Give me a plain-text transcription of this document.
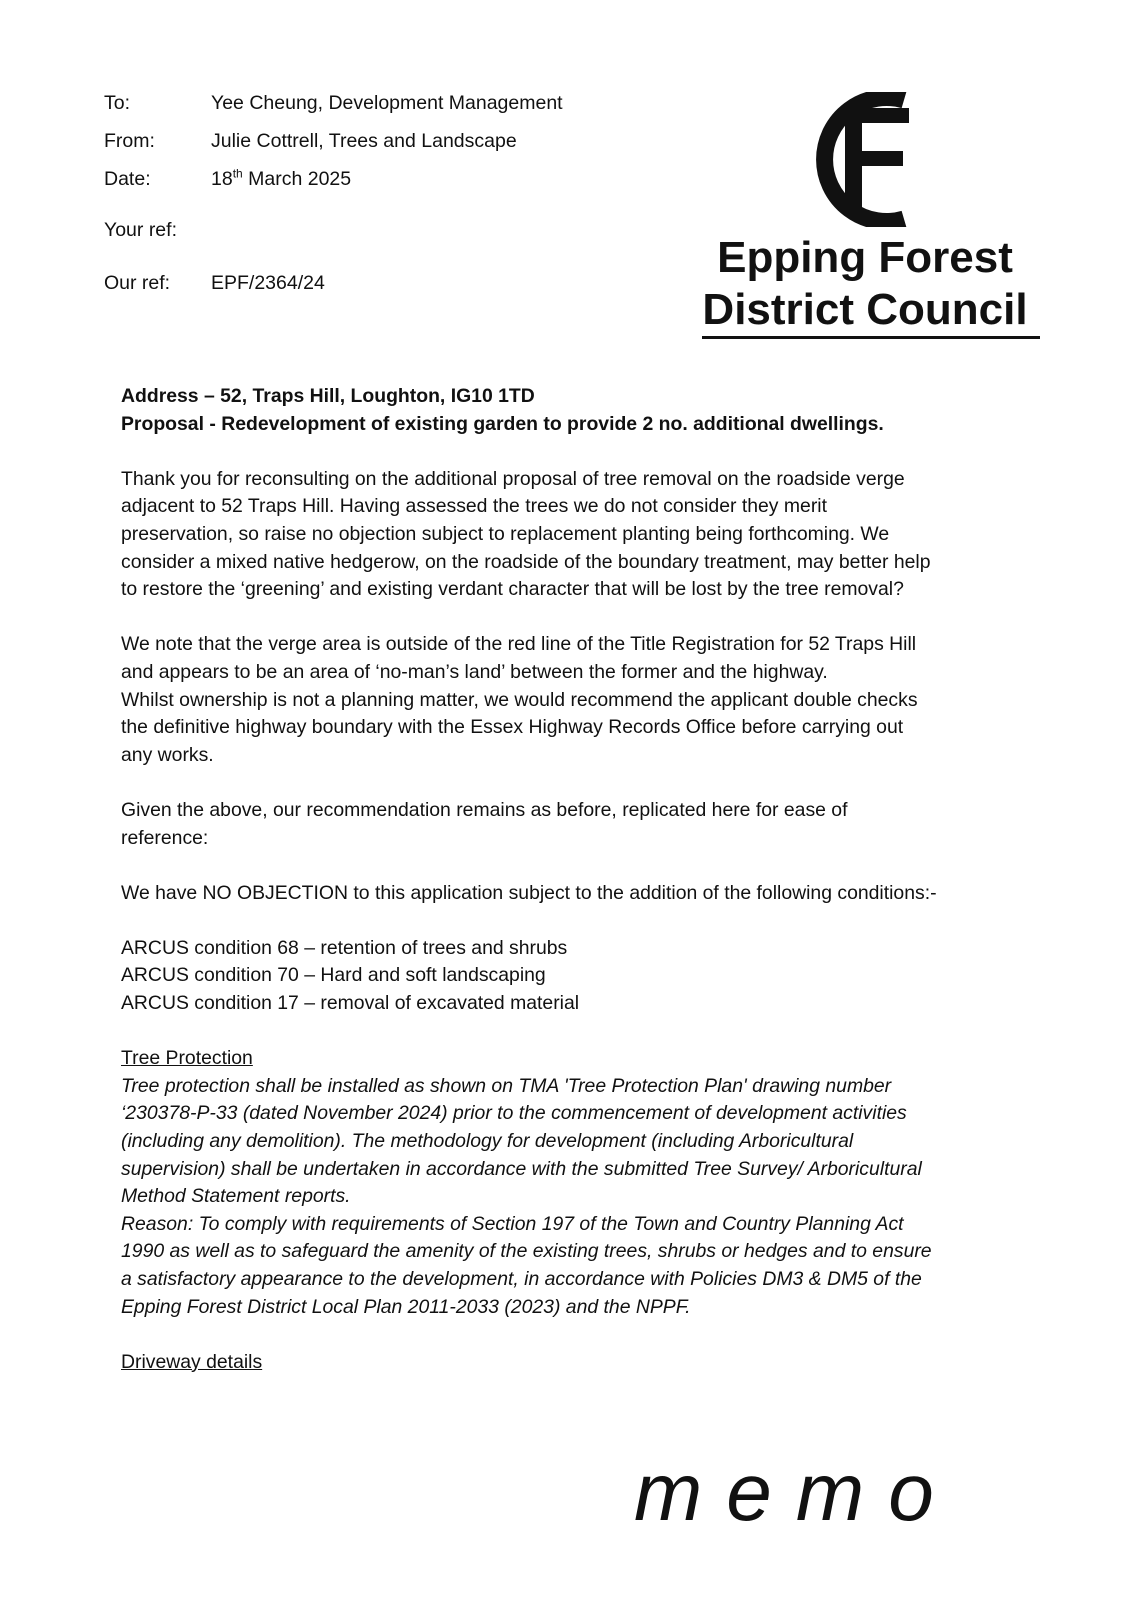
To:	Yee Cheung, Development Management
From:	Julie Cottrell, Trees and Landscape
Date:	18th March 2025
Your ref:
Our ref: EPF/2364/24
Epping Forest
District Council

Address – 52, Traps Hill, Loughton, IG10 1TD

Proposal - Redevelopment of existing garden to provide 2 no. additional dwellings.

Thank you for reconsulting on the additional proposal of tree removal on the roadside verge

adjacent to 52 Traps Hill. Having assessed the trees we do not consider they merit

preservation, so raise no objection subject to replacement planting being forthcoming. We

consider a mixed native hedgerow, on the roadside of the boundary treatment, may better help

to restore the ‘greening’ and existing verdant character that will be lost by the tree removal?

We note that the verge area is outside of the red line of the Title Registration for 52 Traps Hill

and appears to be an area of ‘no-man’s land’ between the former and the highway.

Whilst ownership is not a planning matter, we would recommend the applicant double checks

the definitive highway boundary with the Essex Highway Records Office before carrying out

any works.

Given the above, our recommendation remains as before, replicated here for ease of

reference:

We have NO OBJECTION to this application subject to the addition of the following conditions:-

ARCUS condition 68 – retention of trees and shrubs

ARCUS condition 70 – Hard and soft landscaping

ARCUS condition 17 – removal of excavated material

Tree Protection

Tree protection shall be installed as shown on TMA 'Tree Protection Plan' drawing number

‘230378-P-33 (dated November 2024) prior to the commencement of development activities

(including any demolition). The methodology for development (including Arboricultural

supervision) shall be undertaken in accordance with the submitted Tree Survey/ Arboricultural

Method Statement reports.

Reason: To comply with requirements of Section 197 of the Town and Country Planning Act

1990 as well as to safeguard the amenity of the existing trees, shrubs or hedges and to ensure

a satisfactory appearance to the development, in accordance with Policies DM3 & DM5 of the

Epping Forest District Local Plan 2011-2033 (2023) and the NPPF.

Driveway details

memo
